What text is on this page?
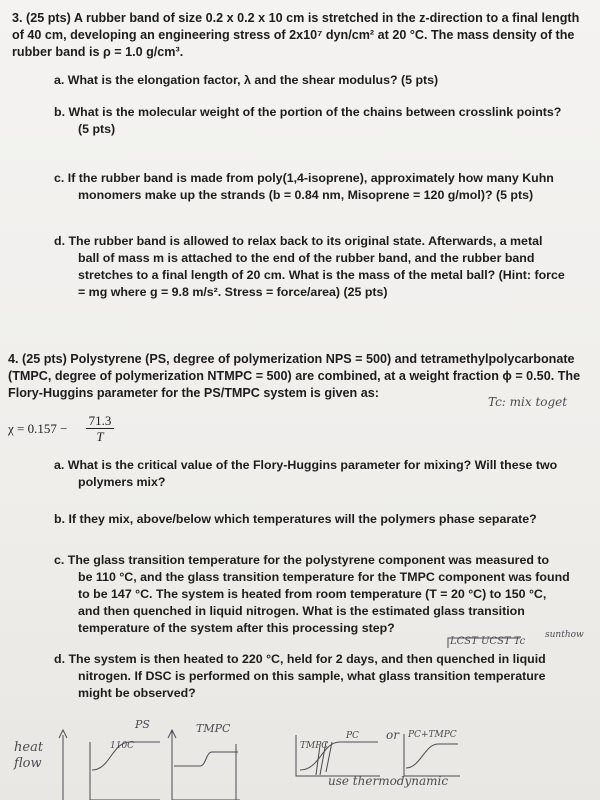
3. (25 pts) A rubber band of size 0.2 x 0.2 x 10 cm is stretched in the z-direction to a final length
of 40 cm, developing an engineering stress of 2x10⁷ dyn/cm² at 20 °C. The mass density of the
rubber band is ρ = 1.0 g/cm³.
a. What is the elongation factor, λ and the shear modulus? (5 pts)
b. What is the molecular weight of the portion of the chains between crosslink points?
(5 pts)
c. If the rubber band is made from poly(1,4-isoprene), approximately how many Kuhn
monomers make up the strands (b = 0.84 nm, Misoprene = 120 g/mol)? (5 pts)
d. The rubber band is allowed to relax back to its original state. Afterwards, a metal
ball of mass m is attached to the end of the rubber band, and the rubber band
stretches to a final length of 20 cm. What is the mass of the metal ball? (Hint: force
= mg where g = 9.8 m/s². Stress = force/area) (25 pts)
4. (25 pts) Polystyrene (PS, degree of polymerization NPS = 500) and tetramethylpolycarbonate
(TMPC, degree of polymerization NTMPC = 500) are combined, at a weight fraction ϕ = 0.50. The
Flory-Huggins parameter for the PS/TMPC system is given as:
$\chi = 0.157 - \frac{71.3}{T}$
a. What is the critical value of the Flory-Huggins parameter for mixing? Will these two
polymers mix?
b. If they mix, above/below which temperatures will the polymers phase separate?
c. The glass transition temperature for the polystyrene component was measured to
be 110 °C, and the glass transition temperature for the TMPC component was found
to be 147 °C. The system is heated from room temperature (T = 20 °C) to 150 °C,
and then quenched in liquid nitrogen. What is the estimated glass transition
temperature of the system after this processing step?
d. The system is then heated to 220 °C, held for 2 days, and then quenched in liquid
nitrogen. If DSC is performed on this sample, what glass transition temperature
might be observed?
Tc: mix toget
LCST UCST Tc
sunthow
heat
flow
PS
110C
TMPC
TMPC
PC or PC+TMPC
use thermodynamic
